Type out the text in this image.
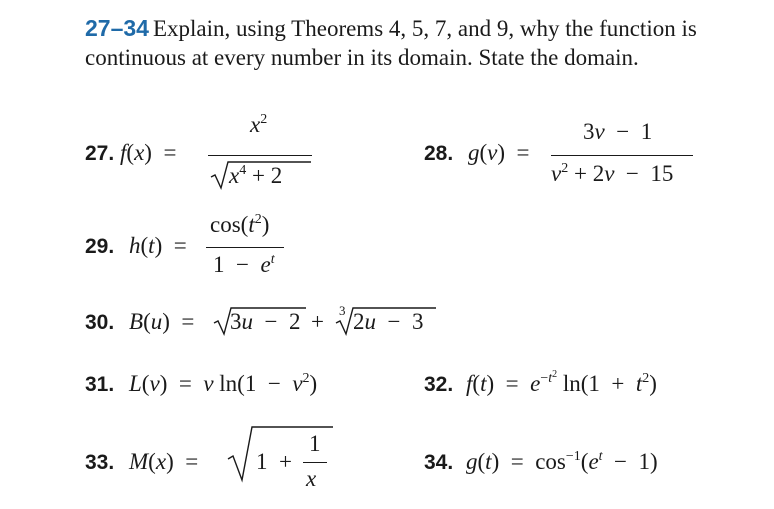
27–34 Explain, using Theorems 4, 5, 7, and 9, why the function is continuous at every number in its domain. State the domain.
27. f(x)  =
$x^2$
$x^4 + 2$
28. g(v)  =
3v  −  1
$v^2 + 2v - 15$
29. h(t)  =
$\cos(t^2)$
$1 - e^t$
30. B(u)  = 3u  −  2 + 3 2u  −  3
31. L(v)  =  v $\ln(1 - v^2)$	32. $f(t) = e^{-t^2}$ $\ln(1 + t^2)$
33. M(x)  =	1  +
1
x
34. $g(t) = \cos^{-1}(e^t - 1)$
